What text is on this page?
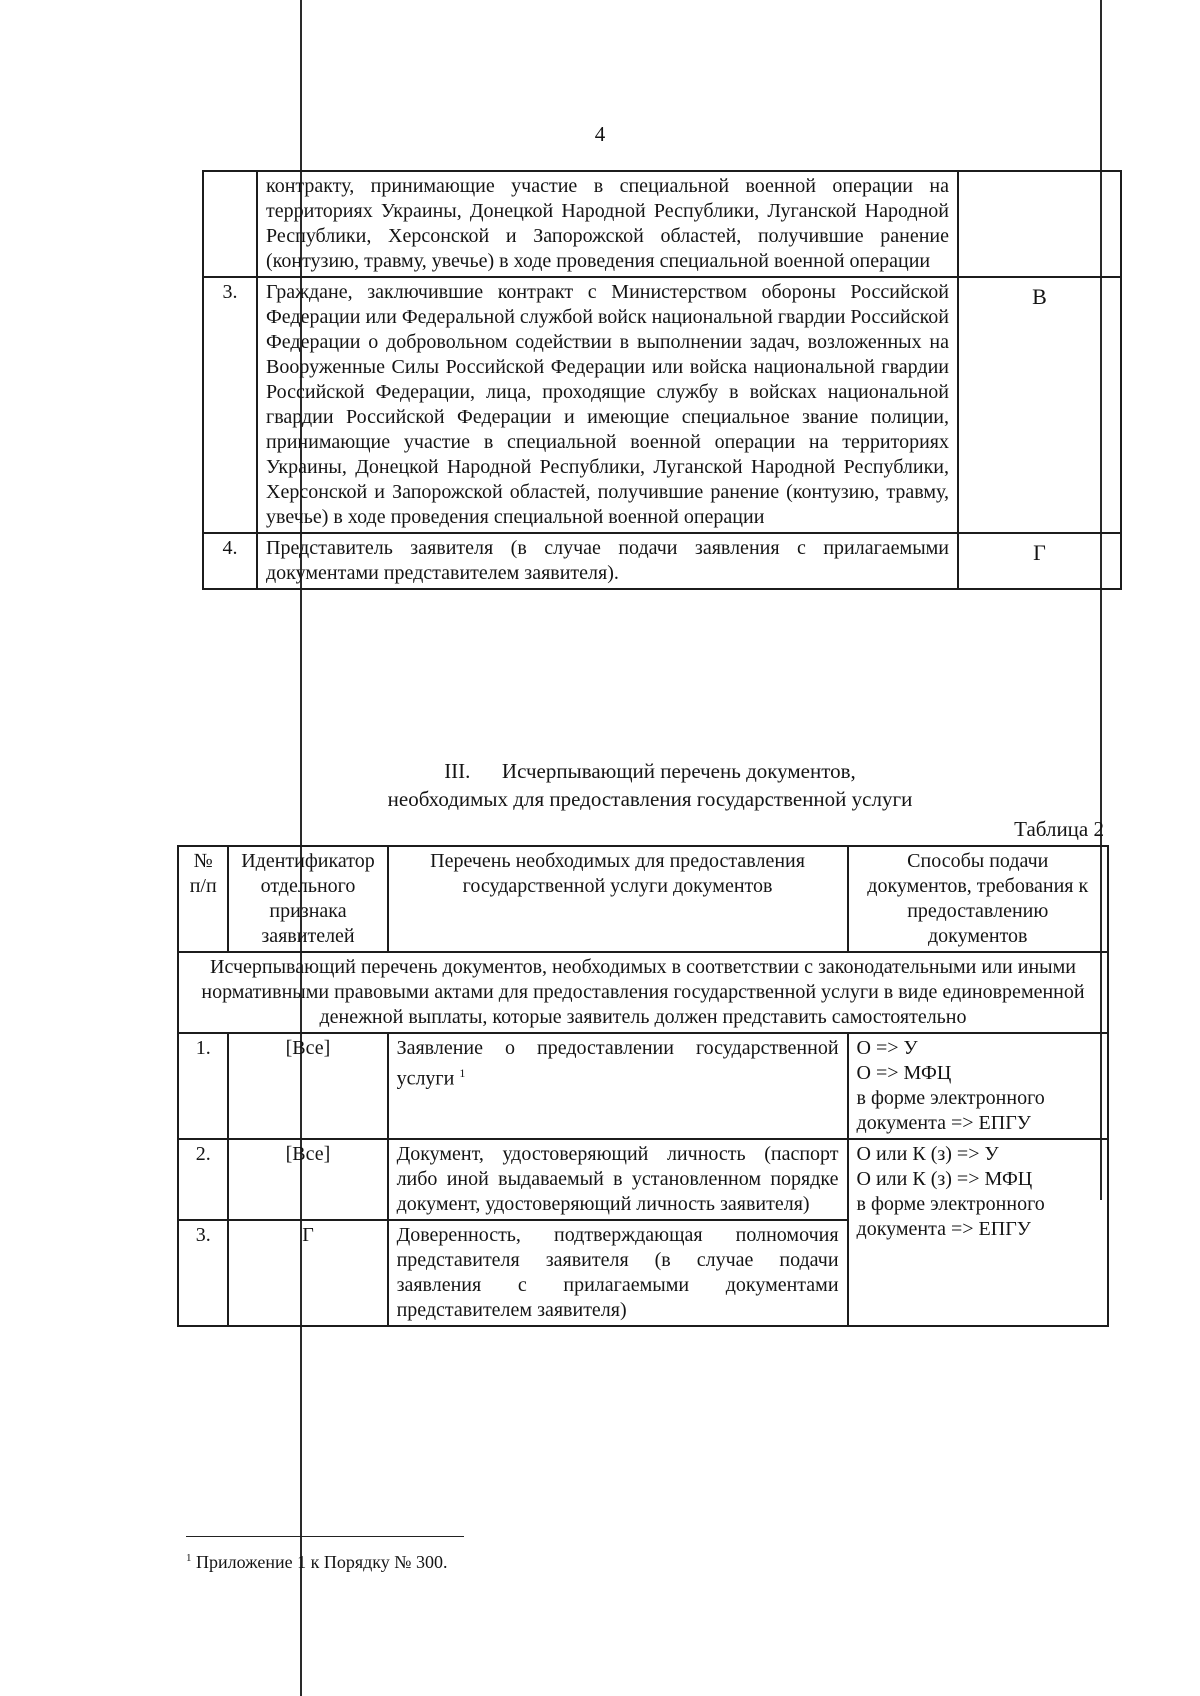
4
	контракту, принимающие участие в специальной военной операции на территориях Украины, Донецкой Народной Республики, Луганской Народной Республики, Херсонской и Запорожской областей, получившие ранение (контузию, травму, увечье) в ходе проведения специальной военной операции	
3.	Граждане, заключившие контракт с Министерством обороны Российской Федерации или Федеральной службой войск национальной гвардии Российской Федерации о добровольном содействии в выполнении задач, возложенных на Вооруженные Силы Российской Федерации или войска национальной гвардии Российской Федерации, лица, проходящие службу в войсках национальной гвардии Российской Федерации и имеющие специальное звание полиции, принимающие участие в специальной военной операции на территориях Украины, Донецкой Народной Республики, Луганской Народной Республики, Херсонской и Запорожской областей, получившие ранение (контузию, травму, увечье) в ходе проведения специальной военной операции	В
4.	Представитель заявителя (в случае подачи заявления с прилагаемыми документами представителем заявителя).	Г
III. Исчерпывающий перечень документов,
необходимых для предоставления государственной услуги
Таблица 2
№ п/п	Идентификатор отдельного признака заявителей	Перечень необходимых для предоставления государственной услуги документов	Способы подачи документов, требования к предоставлению документов
Исчерпывающий перечень документов, необходимых в соответствии с законодательными или иными нормативными правовыми актами для предоставления государственной услуги в виде единовременной денежной выплаты, которые заявитель должен представить самостоятельно			
1.	[Все]	Заявление о предоставлении государственной услуги $^1$	О => У
О => МФЦ
в форме электронного документа => ЕПГУ

2.	[Все]	Документ, удостоверяющий личность (паспорт либо иной выдаваемый в установленном порядке документ, удостоверяющий личность заявителя)	О или К (з) => У
О или К (з) => МФЦ
в форме электронного документа => ЕПГУ

3.	Г	Доверенность, подтверждающая полномочия представителя заявителя (в случае подачи заявления с прилагаемыми документами представителем заявителя)	
$^1$ Приложение 1 к Порядку № 300.
